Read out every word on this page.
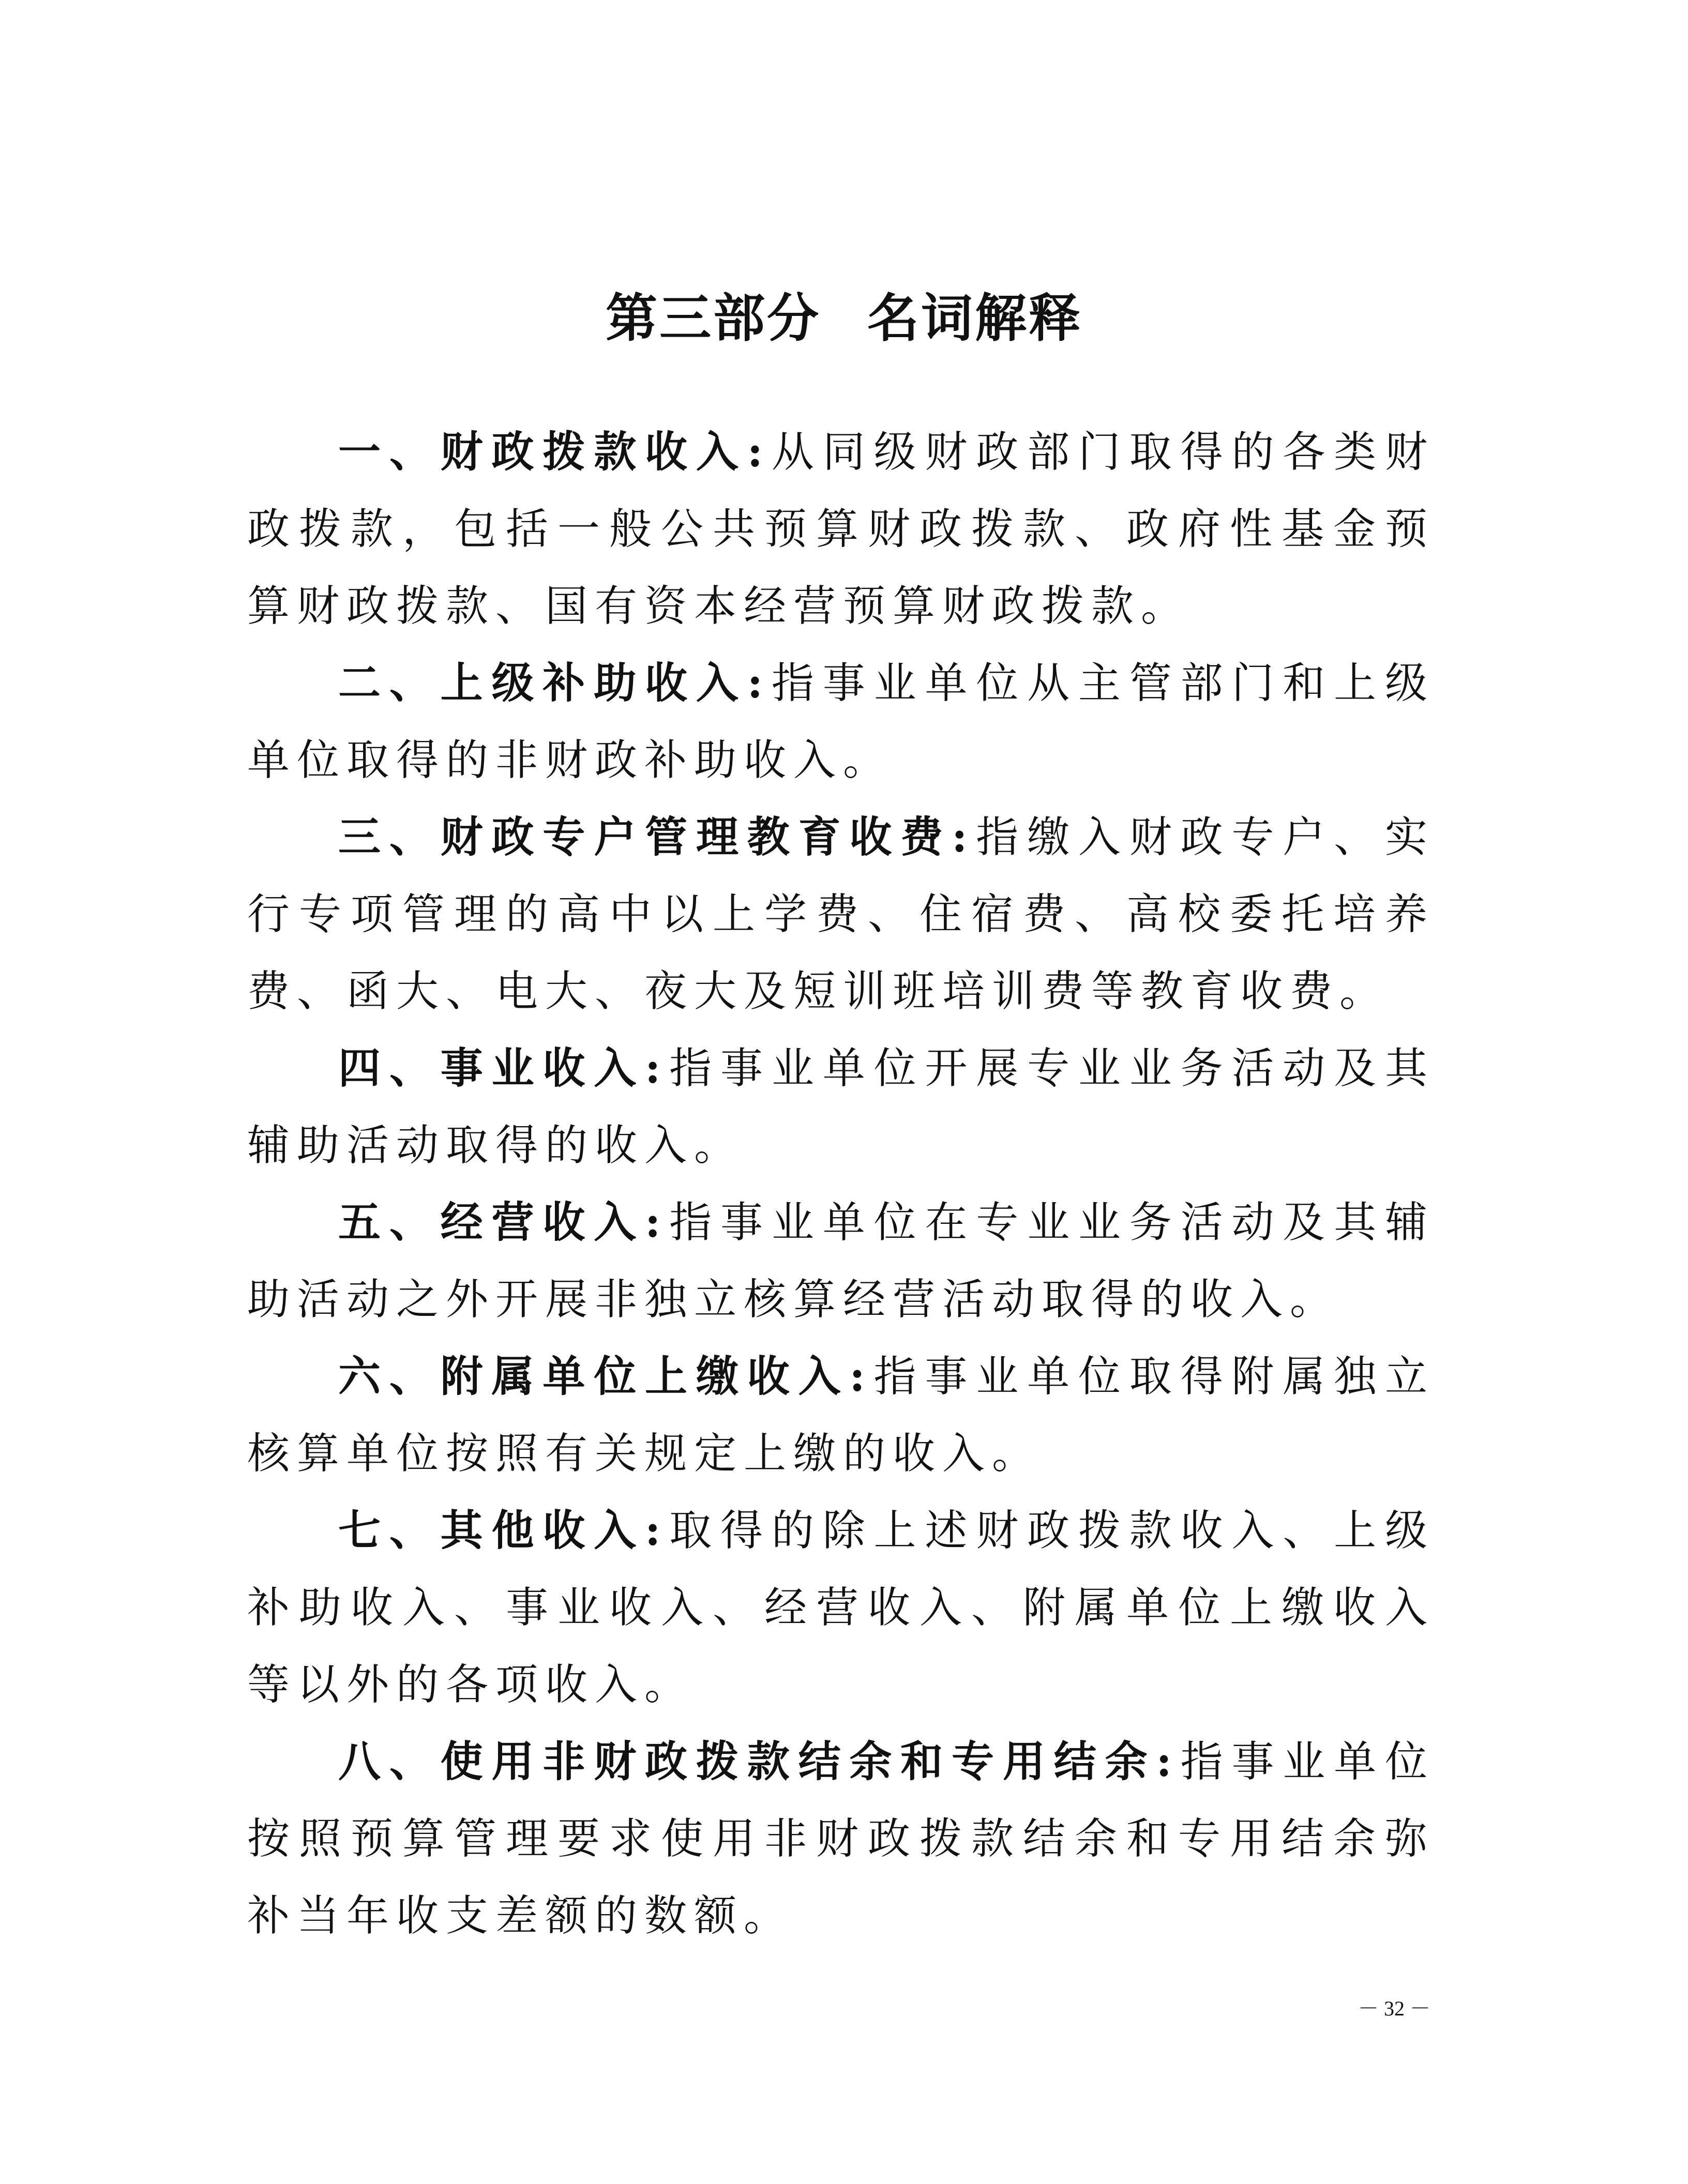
第三部分 名词解释

一、财政拨款收入:从同级财政部门取得的各类财政拨款，包括一般公共预算财政拨款、政府性基金预算财政拨款、国有资本经营预算财政拨款。

二、上级补助收入:指事业单位从主管部门和上级单位取得的非财政补助收入。

三、财政专户管理教育收费:指缴入财政专户、实行专项管理的高中以上学费、住宿费、高校委托培养费、函大、电大、夜大及短训班培训费等教育收费。

四、事业收入:指事业单位开展专业业务活动及其辅助活动取得的收入。

五、经营收入:指事业单位在专业业务活动及其辅助活动之外开展非独立核算经营活动取得的收入。

六、附属单位上缴收入:指事业单位取得附属独立核算单位按照有关规定上缴的收入。

七、其他收入:取得的除上述财政拨款收入、上级补助收入、事业收入、经营收入、附属单位上缴收入等以外的各项收入。

八、使用非财政拨款结余和专用结余:指事业单位按照预算管理要求使用非财政拨款结余和专用结余弥补当年收支差额的数额。

－ 32 －
